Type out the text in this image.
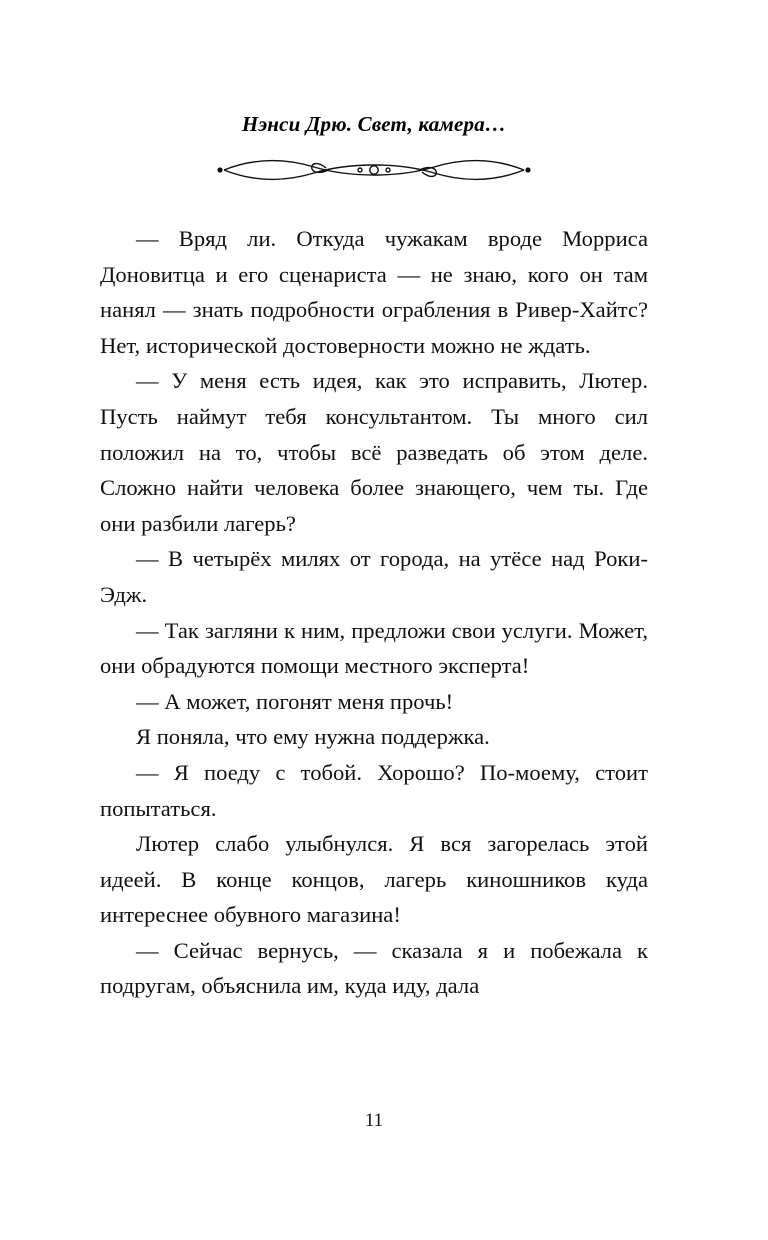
Нэнси Дрю. Свет, камера…

— Вряд ли. Откуда чужакам вроде Морриса Доновитца и его сценариста — не знаю, кого он там нанял — знать подробности ограбления в Ривер-Хайтс? Нет, исторической достоверности можно не ждать.

— У меня есть идея, как это исправить, Лютер. Пусть наймут тебя консультантом. Ты много сил положил на то, чтобы всё разведать об этом деле. Сложно найти человека более знающего, чем ты. Где они разбили лагерь?

— В четырёх милях от города, на утёсе над Роки-Эдж.

— Так загляни к ним, предложи свои услуги. Может, они обрадуются помощи местного эксперта!

— А может, погонят меня прочь!

Я поняла, что ему нужна поддержка.

— Я поеду с тобой. Хорошо? По-моему, стоит попытаться.

Лютер слабо улыбнулся. Я вся загорелась этой идеей. В конце концов, лагерь киношников куда интереснее обувного магазина!

— Сейчас вернусь, — сказала я и побежала к подругам, объяснила им, куда иду, дала

11
